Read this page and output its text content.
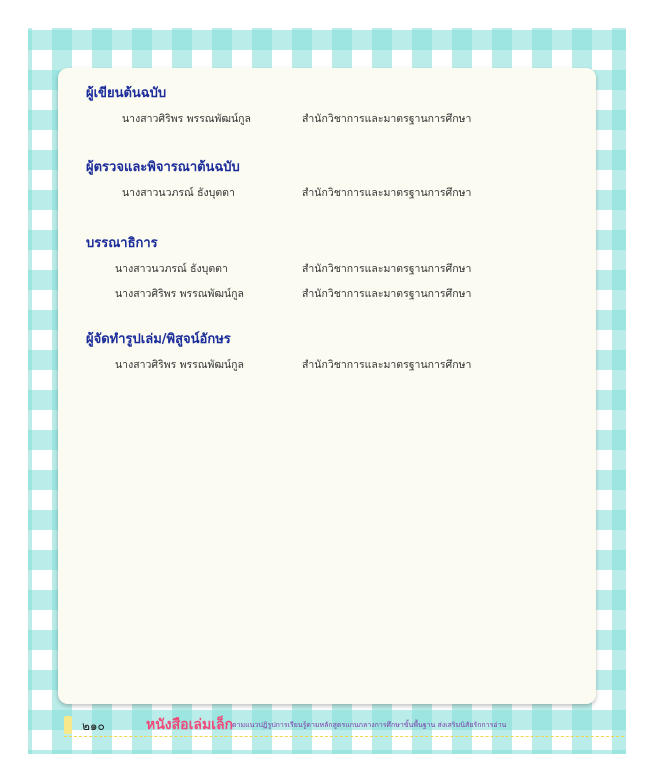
ผู้เขียนต้นฉบับ
นางสาวศิริพร พรรณพัฒน์กูล	สำนักวิชาการและมาตรฐานการศึกษา
ผู้ตรวจและพิจารณาต้นฉบับ
นางสาวนวภรณ์ ธังบุตตา	สำนักวิชาการและมาตรฐานการศึกษา
บรรณาธิการ
นางสาวนวภรณ์ ธังบุตตา	สำนักวิชาการและมาตรฐานการศึกษา
นางสาวศิริพร พรรณพัฒน์กูล	สำนักวิชาการและมาตรฐานการศึกษา
ผู้จัดทำรูปเล่ม/พิสูจน์อักษร
นางสาวศิริพร พรรณพัฒน์กูล	สำนักวิชาการและมาตรฐานการศึกษา
๒๑๐	หนังสือเล่มเล็ก
ตามแนวปฏิรูปการเรียนรู้ตามหลักสูตรแกนกลางการศึกษาขั้นพื้นฐาน ส่งเสริมนิสัยรักการอ่าน
